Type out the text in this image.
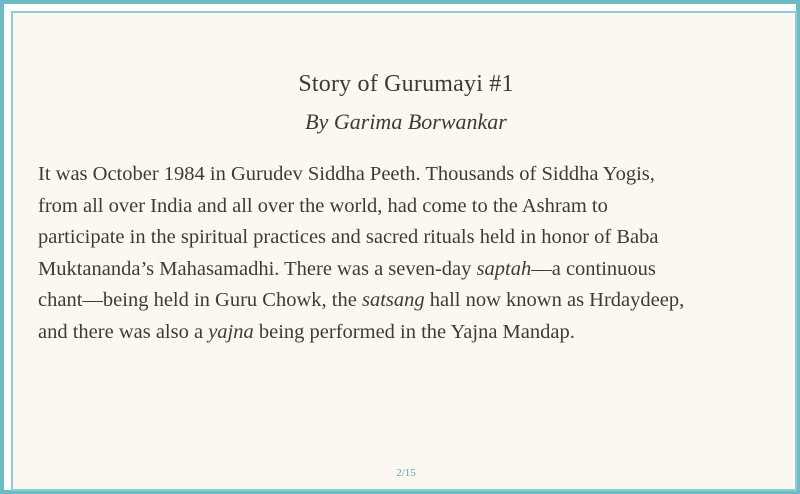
Story of Gurumayi #1
By Garima Borwankar

It was October 1984 in Gurudev Siddha Peeth. Thousands of Siddha Yogis,
from all over India and all over the world, had come to the Ashram to
participate in the spiritual practices and sacred rituals held in honor of Baba
Muktananda’s Mahasamadhi. There was a seven-day saptah—a continuous
chant—being held in Guru Chowk, the satsang hall now known as Hrdaydeep,
and there was also a yajna being performed in the Yajna Mandap.

2/15
